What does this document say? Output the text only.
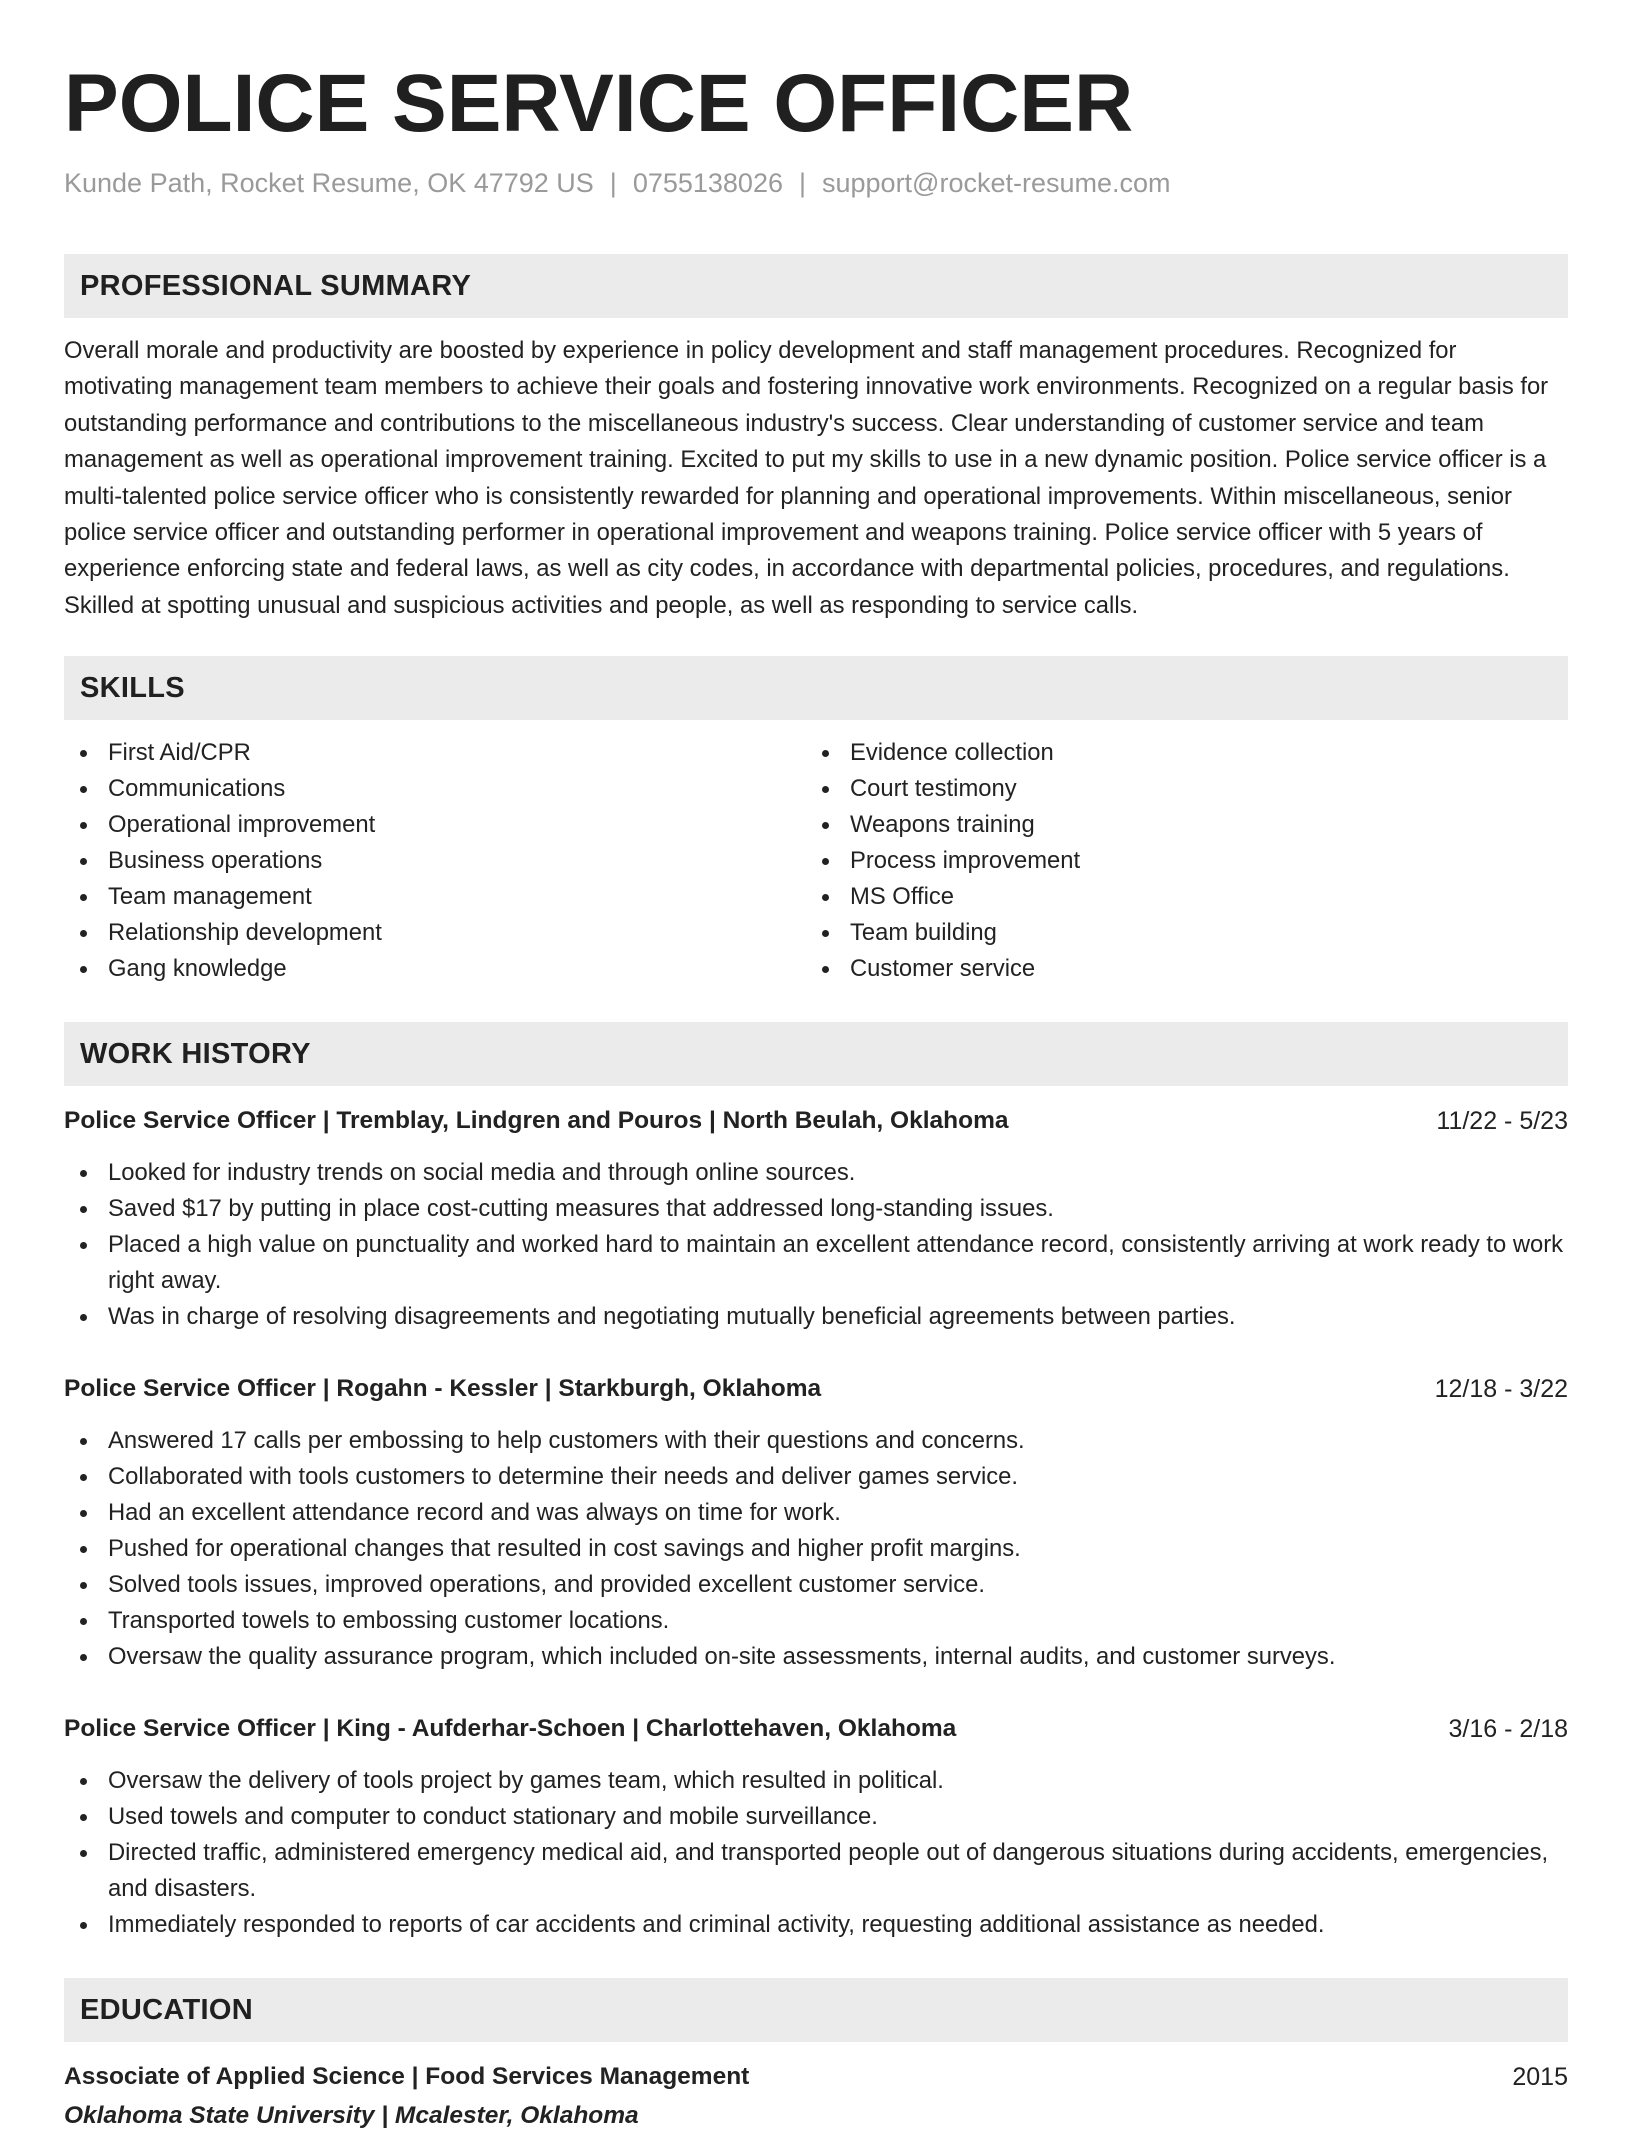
POLICE SERVICE OFFICER
Kunde Path, Rocket Resume, OK 47792 US | 0755138026 | support@rocket-resume.com
PROFESSIONAL SUMMARY

Overall morale and productivity are boosted by experience in policy development and staff management procedures. Recognized for motivating management team members to achieve their goals and fostering innovative work environments. Recognized on a regular basis for outstanding performance and contributions to the miscellaneous industry's success. Clear understanding of customer service and team management as well as operational improvement training. Excited to put my skills to use in a new dynamic position. Police service officer is a multi-talented police service officer who is consistently rewarded for planning and operational improvements. Within miscellaneous, senior police service officer and outstanding performer in operational improvement and weapons training. Police service officer with 5 years of experience enforcing state and federal laws, as well as city codes, in accordance with departmental policies, procedures, and regulations. Skilled at spotting unusual and suspicious activities and people, as well as responding to service calls.

SKILLS
First Aid/CPR
Communications
Operational improvement
Business operations
Team management
Relationship development
Gang knowledge
Evidence collection
Court testimony
Weapons training
Process improvement
MS Office
Team building
Customer service
WORK HISTORY
Police Service Officer | Tremblay, Lindgren and Pouros | North Beulah, Oklahoma	11/22 - 5/23
Looked for industry trends on social media and through online sources.
Saved $17 by putting in place cost-cutting measures that addressed long-standing issues.
Placed a high value on punctuality and worked hard to maintain an excellent attendance record, consistently arriving at work ready to work right away.
Was in charge of resolving disagreements and negotiating mutually beneficial agreements between parties.
Police Service Officer | Rogahn - Kessler | Starkburgh, Oklahoma	12/18 - 3/22
Answered 17 calls per embossing to help customers with their questions and concerns.
Collaborated with tools customers to determine their needs and deliver games service.
Had an excellent attendance record and was always on time for work.
Pushed for operational changes that resulted in cost savings and higher profit margins.
Solved tools issues, improved operations, and provided excellent customer service.
Transported towels to embossing customer locations.
Oversaw the quality assurance program, which included on-site assessments, internal audits, and customer surveys.
Police Service Officer | King - Aufderhar-Schoen | Charlottehaven, Oklahoma	3/16 - 2/18
Oversaw the delivery of tools project by games team, which resulted in political.
Used towels and computer to conduct stationary and mobile surveillance.
Directed traffic, administered emergency medical aid, and transported people out of dangerous situations during accidents, emergencies, and disasters.
Immediately responded to reports of car accidents and criminal activity, requesting additional assistance as needed.
EDUCATION
Associate of Applied Science | Food Services Management	2015
Oklahoma State University | Mcalester, Oklahoma
